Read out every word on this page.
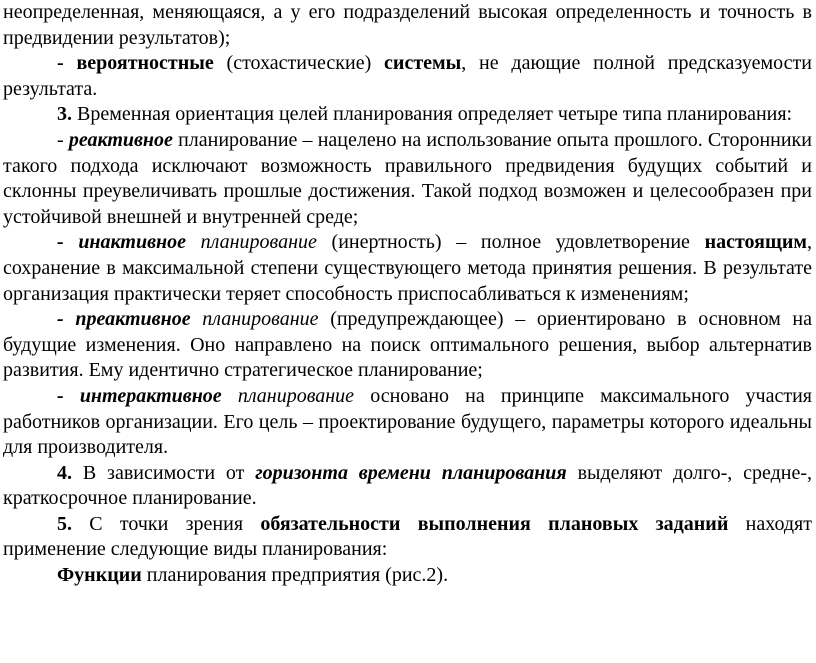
неопределенная, меняющаяся, а у его подразделений высокая определенность и точность в предвидении результатов);

- вероятностные (стохастические) системы, не дающие полной предсказуемости результата.

3. Временная ориентация целей планирования определяет четыре типа планирования:

- реактивное планирование – нацелено на использование опыта прошлого. Сторонники такого подхода исключают возможность правильного предвидения будущих событий и склонны преувеличивать прошлые достижения. Такой подход возможен и целесообразен при устойчивой внешней и внутренней среде;

- инактивное планирование (инертность) – полное удовлетворение настоящим, сохранение в максимальной степени существующего метода принятия решения. В результате организация практически теряет способность приспосабливаться к изменениям;

- преактивное планирование (предупреждающее) – ориентировано в основном на будущие изменения. Оно направлено на поиск оптимального решения, выбор альтернатив развития. Ему идентично стратегическое планирование;

- интерактивное планирование основано на принципе максимального участия работников организации. Его цель – проектирование будущего, параметры которого идеальны для производителя.

4. В зависимости от горизонта времени планирования выделяют долго-, средне-, краткосрочное планирование.

5. С точки зрения обязательности выполнения плановых заданий находят применение следующие виды планирования:

Функции планирования предприятия (рис.2).
